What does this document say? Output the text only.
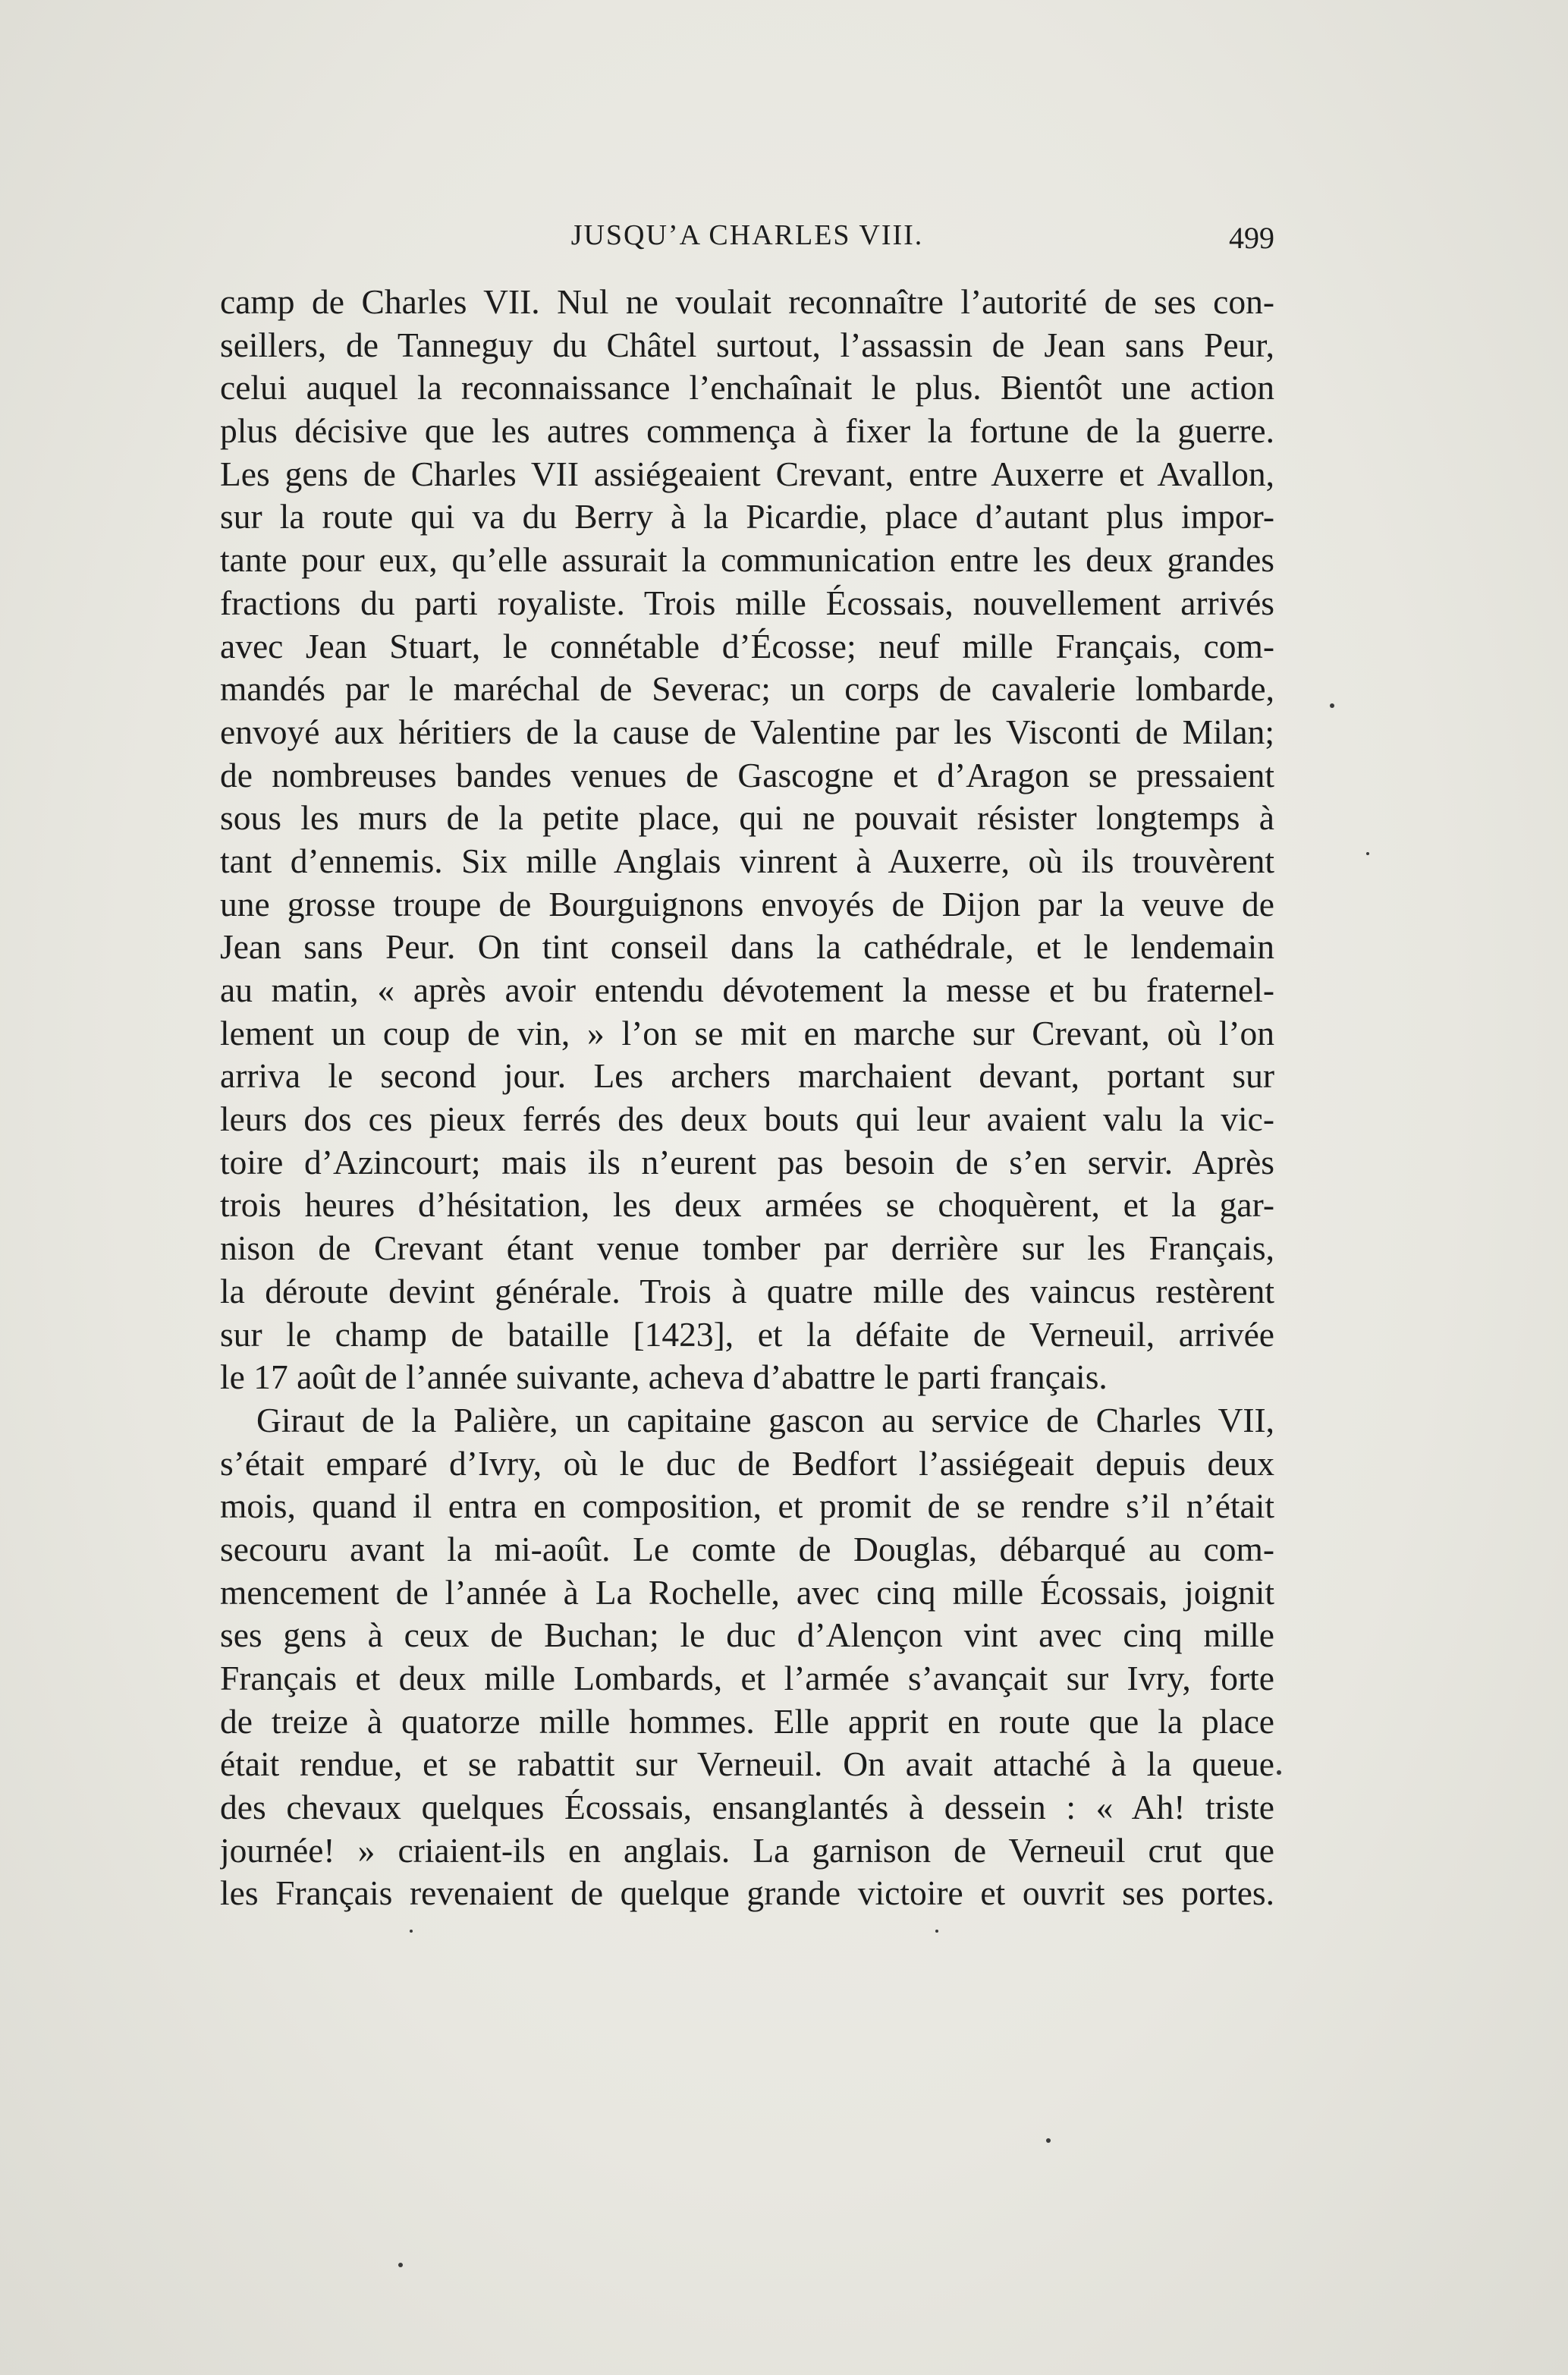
JUSQU’A CHARLES VIII.	499
camp de Charles VII. Nul ne voulait reconnaître l’autorité de ses con-
seillers, de Tanneguy du Châtel surtout, l’assassin de Jean sans Peur,
celui auquel la reconnaissance l’enchaînait le plus. Bientôt une action
plus décisive que les autres commença à fixer la fortune de la guerre.
Les gens de Charles VII assiégeaient Crevant, entre Auxerre et Avallon,
sur la route qui va du Berry à la Picardie, place d’autant plus impor-
tante pour eux, qu’elle assurait la communication entre les deux grandes
fractions du parti royaliste. Trois mille Écossais, nouvellement arrivés
avec Jean Stuart, le connétable d’Écosse; neuf mille Français, com-
mandés par le maréchal de Severac; un corps de cavalerie lombarde,
envoyé aux héritiers de la cause de Valentine par les Visconti de Milan;
de nombreuses bandes venues de Gascogne et d’Aragon se pressaient
sous les murs de la petite place, qui ne pouvait résister longtemps à
tant d’ennemis. Six mille Anglais vinrent à Auxerre, où ils trouvèrent
une grosse troupe de Bourguignons envoyés de Dijon par la veuve de
Jean sans Peur. On tint conseil dans la cathédrale, et le lendemain
au matin, « après avoir entendu dévotement la messe et bu fraternel-
lement un coup de vin, » l’on se mit en marche sur Crevant, où l’on
arriva le second jour. Les archers marchaient devant, portant sur
leurs dos ces pieux ferrés des deux bouts qui leur avaient valu la vic-
toire d’Azincourt; mais ils n’eurent pas besoin de s’en servir. Après
trois heures d’hésitation, les deux armées se choquèrent, et la gar-
nison de Crevant étant venue tomber par derrière sur les Français,
la déroute devint générale. Trois à quatre mille des vaincus restèrent
sur le champ de bataille [1423], et la défaite de Verneuil, arrivée
le 17 août de l’année suivante, acheva d’abattre le parti français.
Giraut de la Palière, un capitaine gascon au service de Charles VII,
s’était emparé d’Ivry, où le duc de Bedfort l’assiégeait depuis deux
mois, quand il entra en composition, et promit de se rendre s’il n’était
secouru avant la mi-août. Le comte de Douglas, débarqué au com-
mencement de l’année à La Rochelle, avec cinq mille Écossais, joignit
ses gens à ceux de Buchan; le duc d’Alençon vint avec cinq mille
Français et deux mille Lombards, et l’armée s’avançait sur Ivry, forte
de treize à quatorze mille hommes. Elle apprit en route que la place
était rendue, et se rabattit sur Verneuil. On avait attaché à la queue
des chevaux quelques Écossais, ensanglantés à dessein : « Ah! triste
journée! » criaient-ils en anglais. La garnison de Verneuil crut que
les Français revenaient de quelque grande victoire et ouvrit ses portes.
